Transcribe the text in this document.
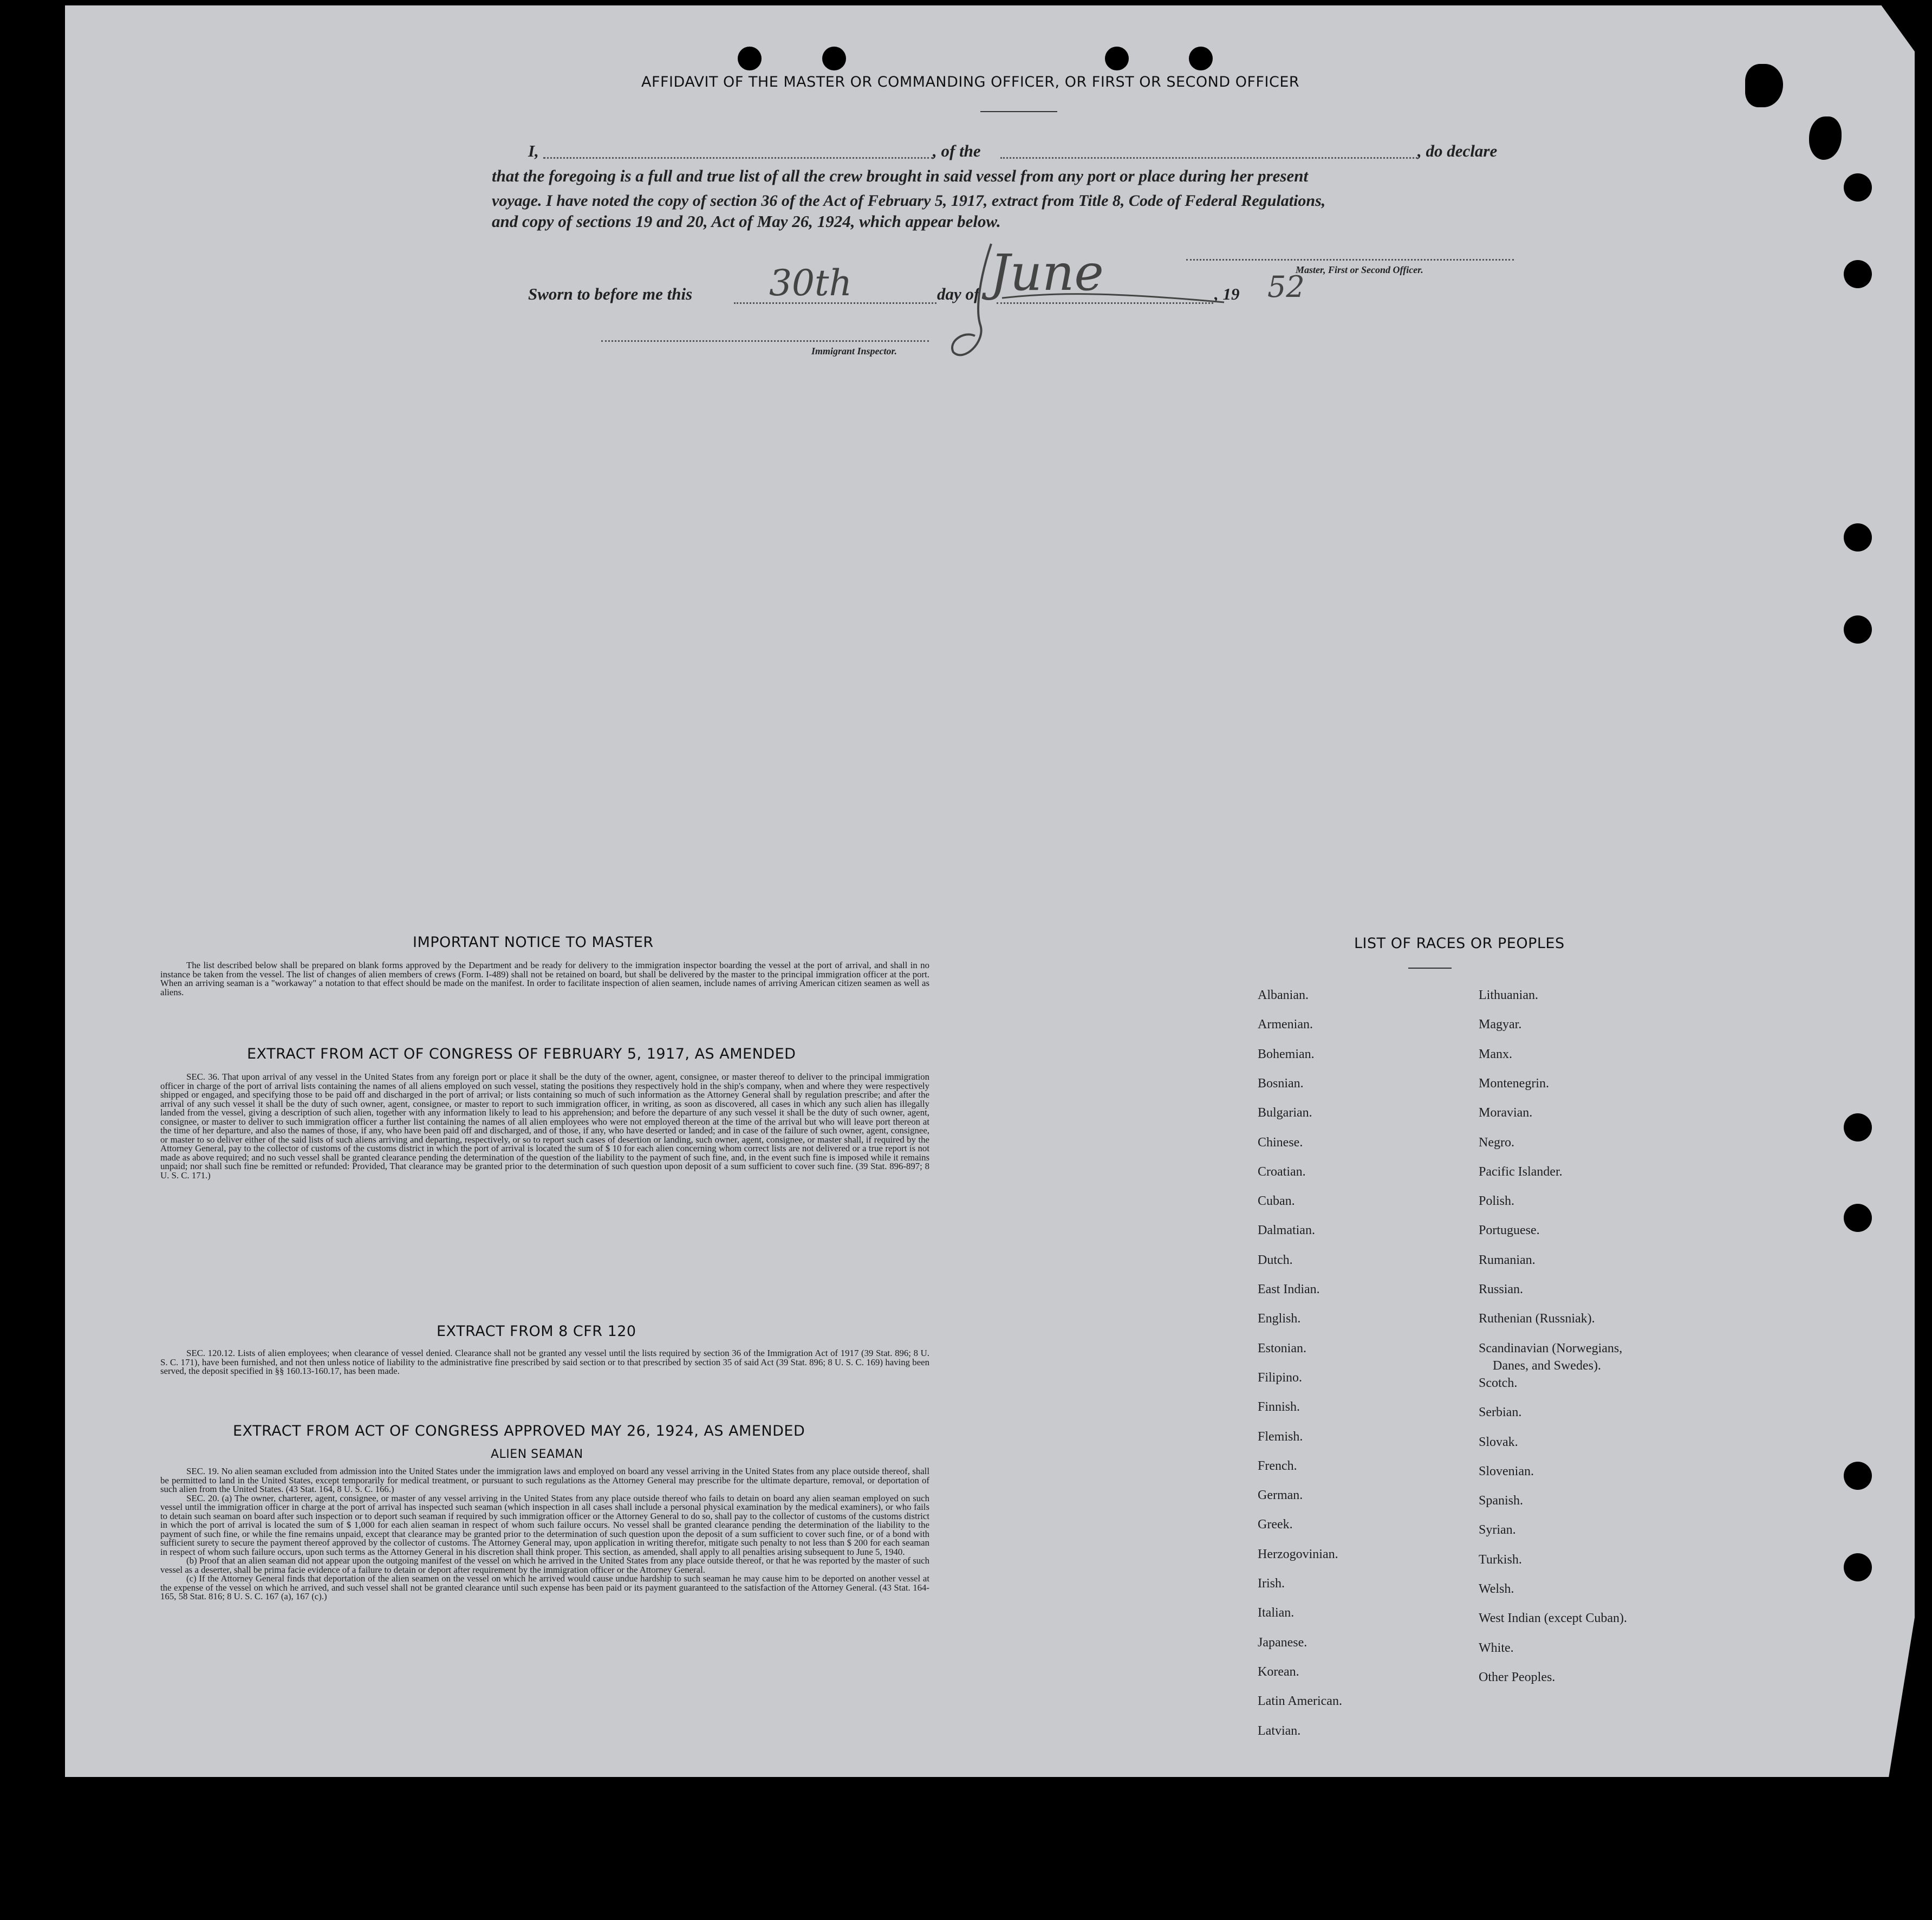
AFFIDAVIT OF THE MASTER OR COMMANDING OFFICER, OR FIRST OR SECOND OFFICER
I,	, of the	, do declare
that the foregoing is a full and true list of all the crew brought in said vessel from any port or place during her present
voyage. I have noted the copy of section 36 of the Act of February 5, 1917, extract from Title 8, Code of Federal Regulations,
and copy of sections 19 and 20, Act of May 26, 1924, which appear below.
Master, First or Second Officer.
Sworn to before me this	day of	, 19
30th	June	52
Immigrant Inspector.
IMPORTANT NOTICE TO MASTER

The list described below shall be prepared on blank forms approved by the Department and be ready for delivery to the immigration inspector boarding the vessel at the port of arrival, and shall in no instance be taken from the vessel. The list of changes of alien members of crews (Form. I-489) shall not be retained on board, but shall be delivered by the master to the principal immigration officer at the port. When an arriving seaman is a "workaway" a notation to that effect should be made on the manifest. In order to facilitate inspection of alien seamen, include names of arriving American citizen seamen as well as aliens.

EXTRACT FROM ACT OF CONGRESS OF FEBRUARY 5, 1917, AS AMENDED

SEC. 36. That upon arrival of any vessel in the United States from any foreign port or place it shall be the duty of the owner, agent, consignee, or master thereof to deliver to the principal immigration officer in charge of the port of arrival lists containing the names of all aliens employed on such vessel, stating the positions they respectively hold in the ship's company, when and where they were respectively shipped or engaged, and specifying those to be paid off and discharged in the port of arrival; or lists containing so much of such information as the Attorney General shall by regulation prescribe; and after the arrival of any such vessel it shall be the duty of such owner, agent, consignee, or master to report to such immigration officer, in writing, as soon as discovered, all cases in which any such alien has illegally landed from the vessel, giving a description of such alien, together with any information likely to lead to his apprehension; and before the departure of any such vessel it shall be the duty of such owner, agent, consignee, or master to deliver to such immigration officer a further list containing the names of all alien employees who were not employed thereon at the time of the arrival but who will leave port thereon at the time of her departure, and also the names of those, if any, who have been paid off and discharged, and of those, if any, who have deserted or landed; and in case of the failure of such owner, agent, consignee, or master to so deliver either of the said lists of such aliens arriving and departing, respectively, or so to report such cases of desertion or landing, such owner, agent, consignee, or master shall, if required by the Attorney General, pay to the collector of customs of the customs district in which the port of arrival is located the sum of $ 10 for each alien concerning whom correct lists are not delivered or a true report is not made as above required; and no such vessel shall be granted clearance pending the determination of the question of the liability to the payment of such fine, and, in the event such fine is imposed while it remains unpaid; nor shall such fine be remitted or refunded: Provided, That clearance may be granted prior to the determination of such question upon deposit of a sum sufficient to cover such fine. (39 Stat. 896-897; 8 U. S. C. 171.)

EXTRACT FROM 8 CFR 120

SEC. 120.12. Lists of alien employees; when clearance of vessel denied. Clearance shall not be granted any vessel until the lists required by section 36 of the Immigration Act of 1917 (39 Stat. 896; 8 U. S. C. 171), have been furnished, and not then unless notice of liability to the administrative fine prescribed by said section or to that prescribed by section 35 of said Act (39 Stat. 896; 8 U. S. C. 169) having been served, the deposit specified in §§ 160.13-160.17, has been made.

EXTRACT FROM ACT OF CONGRESS APPROVED MAY 26, 1924, AS AMENDED
ALIEN SEAMAN

SEC. 19. No alien seaman excluded from admission into the United States under the immigration laws and employed on board any vessel arriving in the United States from any place outside thereof, shall be permitted to land in the United States, except temporarily for medical treatment, or pursuant to such regulations as the Attorney General may prescribe for the ultimate departure, removal, or deportation of such alien from the United States. (43 Stat. 164, 8 U. S. C. 166.)

SEC. 20. (a) The owner, charterer, agent, consignee, or master of any vessel arriving in the United States from any place outside thereof who fails to detain on board any alien seaman employed on such vessel until the immigration officer in charge at the port of arrival has inspected such seaman (which inspection in all cases shall include a personal physical examination by the medical examiners), or who fails to detain such seaman on board after such inspection or to deport such seaman if required by such immigration officer or the Attorney General to do so, shall pay to the collector of customs of the customs district in which the port of arrival is located the sum of $ 1,000 for each alien seaman in respect of whom such failure occurs. No vessel shall be granted clearance pending the determination of the liability to the payment of such fine, or while the fine remains unpaid, except that clearance may be granted prior to the determination of such question upon the deposit of a sum sufficient to cover such fine, or of a bond with sufficient surety to secure the payment thereof approved by the collector of customs. The Attorney General may, upon application in writing therefor, mitigate such penalty to not less than $ 200 for each seaman in respect of whom such failure occurs, upon such terms as the Attorney General in his discretion shall think proper. This section, as amended, shall apply to all penalties arising subsequent to June 5, 1940.

(b) Proof that an alien seaman did not appear upon the outgoing manifest of the vessel on which he arrived in the United States from any place outside thereof, or that he was reported by the master of such vessel as a deserter, shall be prima facie evidence of a failure to detain or deport after requirement by the immigration officer or the Attorney General.

(c) If the Attorney General finds that deportation of the alien seamen on the vessel on which he arrived would cause undue hardship to such seaman he may cause him to be deported on another vessel at the expense of the vessel on which he arrived, and such vessel shall not be granted clearance until such expense has been paid or its payment guaranteed to the satisfaction of the Attorney General. (43 Stat. 164-165, 58 Stat. 816; 8 U. S. C. 167 (a), 167 (c).)

LIST OF RACES OR PEOPLES
Albanian.
Armenian.
Bohemian.
Bosnian.
Bulgarian.
Chinese.
Croatian.
Cuban.
Dalmatian.
Dutch.
East Indian.
English.
Estonian.
Filipino.
Finnish.
Flemish.
French.
German.
Greek.
Herzogovinian.
Irish.
Italian.
Japanese.
Korean.
Latin American.
Latvian.
Lithuanian.
Magyar.
Manx.
Montenegrin.
Moravian.
Negro.
Pacific Islander.
Polish.
Portuguese.
Rumanian.
Russian.
Ruthenian (Russniak).
Scandinavian (Norwegians,
Danes, and Swedes).
Scotch.
Serbian.
Slovak.
Slovenian.
Spanish.
Syrian.
Turkish.
Welsh.
West Indian (except Cuban).
White.
Other Peoples.
